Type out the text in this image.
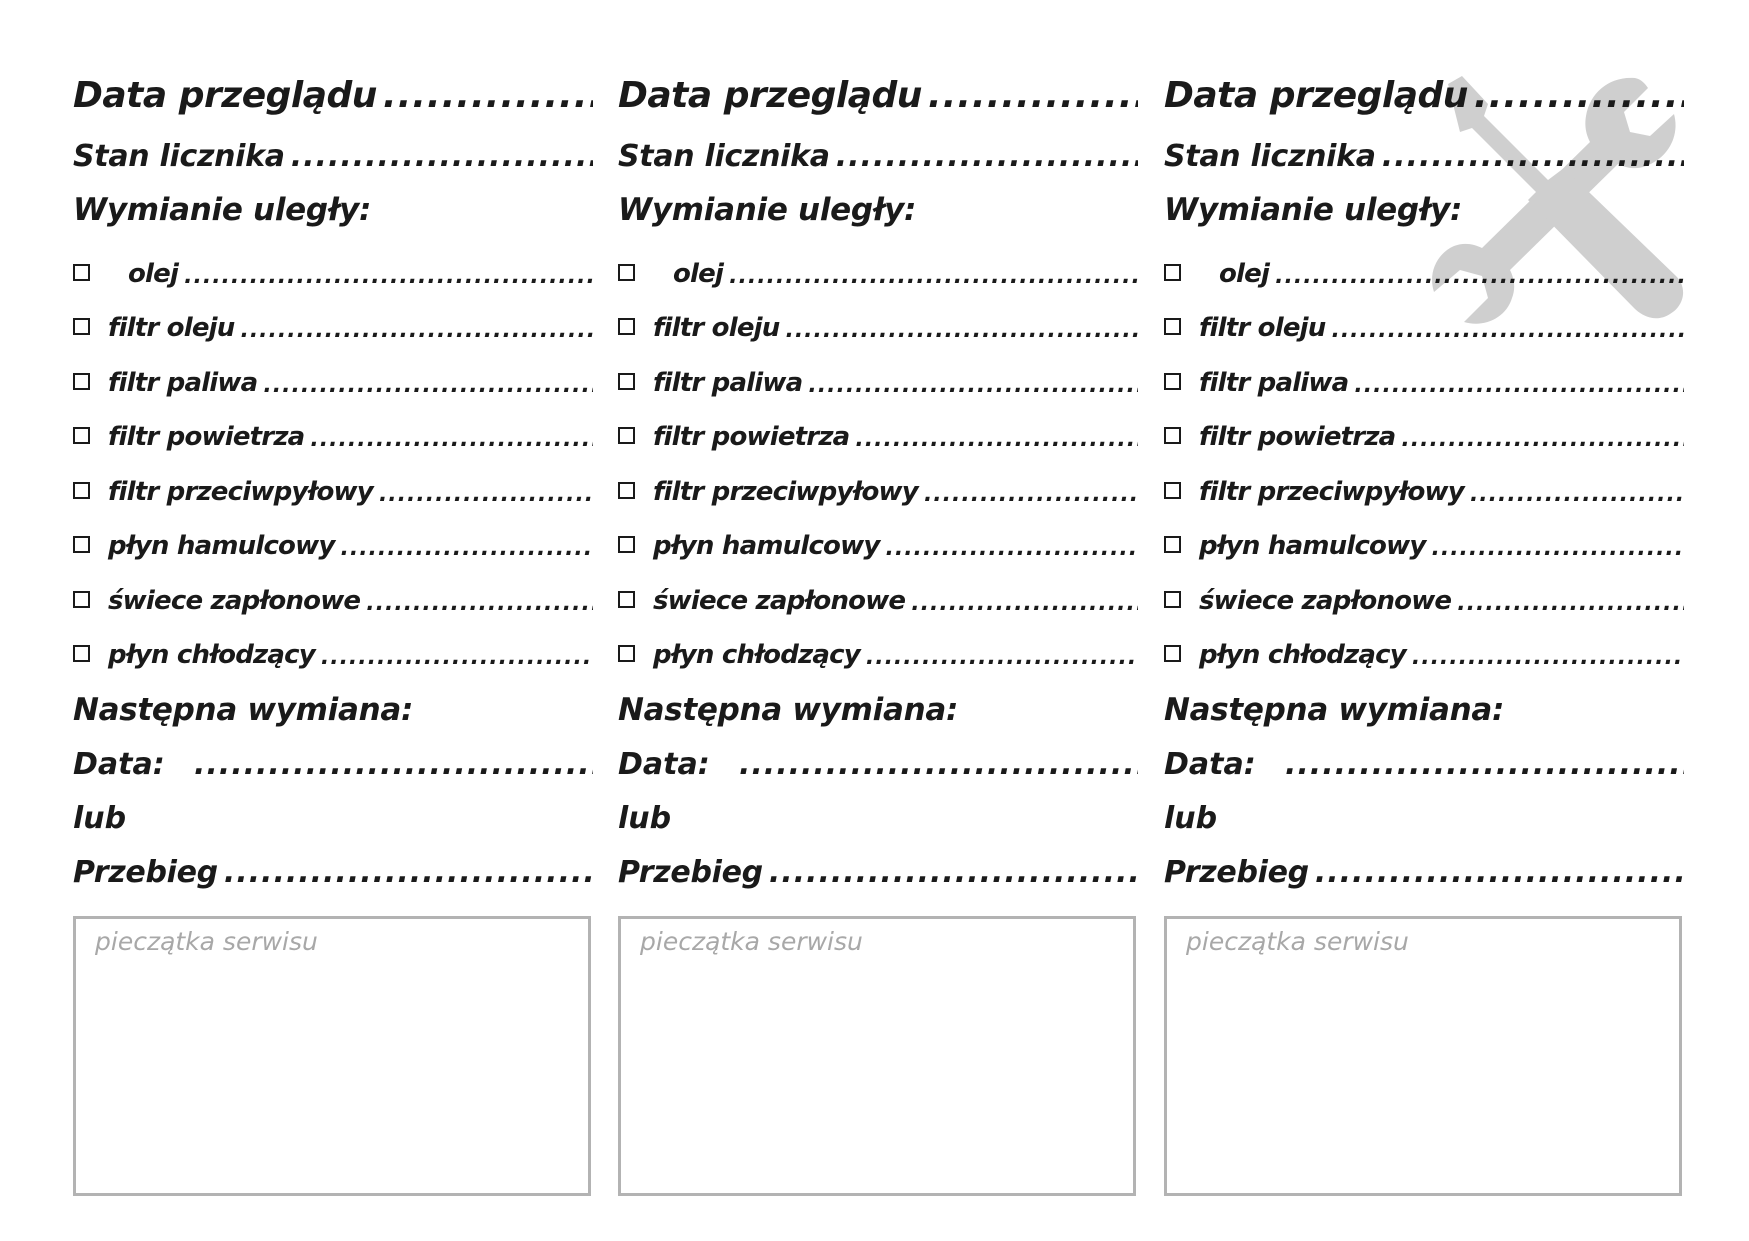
Data przeglądu
.....
Stan licznika
.....
Wymianie uległy:
olej
.....
filtr oleju
.....
filtr paliwa
.....
filtr powietrza
.....
filtr przeciwpyłowy
.....
płyn hamulcowy
.....
świece zapłonowe
.....
płyn chłodzący
.....
Następna wymiana:
Data:
.....
lub
Przebieg
.....
pieczątka serwisu
Data przeglądu
.....
Stan licznika
.....
Wymianie uległy:
olej
.....
filtr oleju
.....
filtr paliwa
.....
filtr powietrza
.....
filtr przeciwpyłowy
.....
płyn hamulcowy
.....
świece zapłonowe
.....
płyn chłodzący
.....
Następna wymiana:
Data:
.....
lub
Przebieg
.....
pieczątka serwisu
Data przeglądu
.....
Stan licznika
.....
Wymianie uległy:
olej
.....
filtr oleju
.....
filtr paliwa
.....
filtr powietrza
.....
filtr przeciwpyłowy
.....
płyn hamulcowy
.....
świece zapłonowe
.....
płyn chłodzący
.....
Następna wymiana:
Data:
.....
lub
Przebieg
.....
pieczątka serwisu
